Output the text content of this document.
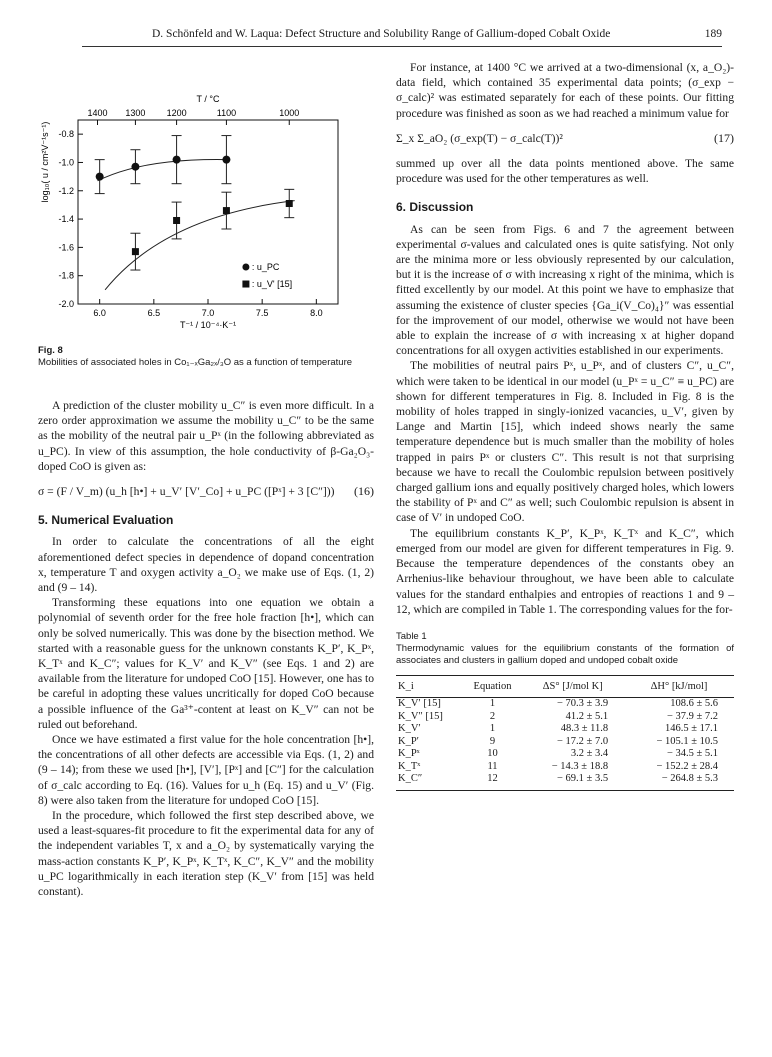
D. Schönfeld and W. Laqua: Defect Structure and Solubility Range of Gallium-doped Cobalt Oxide	189
6.0	6.5	7.0	7.5	8.0
1400 1300 1200	1100	1000
T / °C
-0.8
-1.0
-1.2
-1.4
-1.6
-1.8
-2.0
log₁₀( u / cm²V⁻¹s⁻¹)
T⁻¹ / 10⁻⁴·K⁻¹
: u_PC
: u_V' [15]
Fig. 8
Mobilities of associated holes in Co₁₋ₓGa₂ₓ/₃O as a function of temperature

A prediction of the cluster mobility u_C″ is even more difficult. In a zero order approximation we assume the mobility u_C″ to be the same as the mobility of the neutral pair u_Pˣ (in the following abbreviated as u_PC). In view of this assumption, the hole conductivity of β-Ga₂O₃-doped CoO is given as:

σ = (F / V_m) (u_h [h•] + u_V′ [V′_Co] + u_PC ([Pˣ] + 3 [C″])) (16)
5. Numerical Evaluation

In order to calculate the concentrations of all the eight aforementioned defect species in dependence of dopand concentration x, temperature T and oxygen activity a_O₂ we make use of Eqs. (1, 2) and (9 – 14).

Transforming these equations into one equation we obtain a polynomial of seventh order for the free hole fraction [h•], which can only be solved numerically. This was done by the bisection method. We started with a reasonable guess for the unknown constants K_P′, K_Pˣ, K_Tˣ and K_C″; values for K_V′ and K_V″ (see Eqs. 1 and 2) are available from the literature for undoped CoO [15]. However, one has to be careful in adopting these values uncritically for doped CoO because a possible influence of the Ga³⁺-content at least on K_V″ can not be ruled out beforehand.

Once we have estimated a first value for the hole concentration [h•], the concentrations of all other defects are accessible via Eqs. (1, 2) and (9 – 14); from these we used [h•], [V′], [Pˣ] and [C″] for the calculation of σ_calc according to Eq. (16). Values for u_h (Eq. 15) and u_V′ (Fig. 8) were also taken from the literature for undoped CoO [15].

In the procedure, which followed the first step described above, we used a least-squares-fit procedure to fit the experimental data for any of the independent variables T, x and a_O₂ by systematically varying the mass-action constants K_P′, K_Pˣ, K_Tˣ, K_C″, K_V″ and the mobility u_PC logarithmically in each iteration step (K_V′ from [15] was held constant).

For instance, at 1400 °C we arrived at a two-dimensional (x, a_O₂)-data field, which contained 35 experimental data points; (σ_exp − σ_calc)² was estimated separately for each of these points. Our fitting procedure was finished as soon as we had reached a minimum value for

Σ_x Σ_aO₂ (σ_exp(T) − σ_calc(T))²	(17)

summed up over all the data points mentioned above. The same procedure was used for the other temperatures as well.

6. Discussion

As can be seen from Figs. 6 and 7 the agreement between experimental σ-values and calculated ones is quite satisfying. Not only are the minima more or less obviously represented by our calculation, but it is the increase of σ with increasing x right of the minima, which is fitted excellently by our model. At this point we have to emphasize that assuming the existence of cluster species {Ga_i(V_Co)₄}″ was essential for the improvement of our model, otherwise we would not have been able to explain the increase of σ with increasing x at higher dopand concentrations for all oxygen activities established in our experiments.

The mobilities of neutral pairs Pˣ, u_Pˣ, and of clusters C″, u_C″, which were taken to be identical in our model (u_Pˣ = u_C″ ≡ u_PC) are shown for different temperatures in Fig. 8. Included in Fig. 8 is the mobility of holes trapped in singly-ionized vacancies, u_V′, given by Lange and Martin [15], which indeed shows nearly the same temperature dependence but is much smaller than the mobility of holes trapped in pairs Pˣ or clusters C″. This result is not that surprising because we have to recall the Coulombic repulsion between positively charged gallium ions and equally positively charged holes, which lowers the stability of Pˣ and C″ as well; such Coulombic repulsion is absent in case of V′ in undoped CoO.

The equilibrium constants K_P′, K_Pˣ, K_Tˣ and K_C″, which emerged from our model are given for different temperatures in Fig. 9. Because the temperature dependences of the constants obey an Arrhenius-like behaviour throughout, we have been able to calculate values for the standard enthalpies and entropies of reactions 1 and 9 – 12, which are compiled in Table 1. The corresponding values for the for-

Table 1
Thermodynamic values for the equilibrium constants of the formation of associates and clusters in gallium doped and undoped cobalt oxide
K_i	Equation	ΔS° [J/mol K]	ΔH° [kJ/mol]
K_V′ [15]	1	− 70.3 ± 3.9	108.6 ± 5.6
K_V″ [15]	2	41.2 ± 5.1	− 37.9 ± 7.2
K_V′	1	48.3 ± 11.8	146.5 ± 17.1
K_P′	9	− 17.2 ± 7.0	− 105.1 ± 10.5
K_Pˣ	10	3.2 ± 3.4	− 34.5 ± 5.1
K_Tˣ	11	− 14.3 ± 18.8	− 152.2 ± 28.4
K_C″	12	− 69.1 ± 3.5	− 264.8 ± 5.3
